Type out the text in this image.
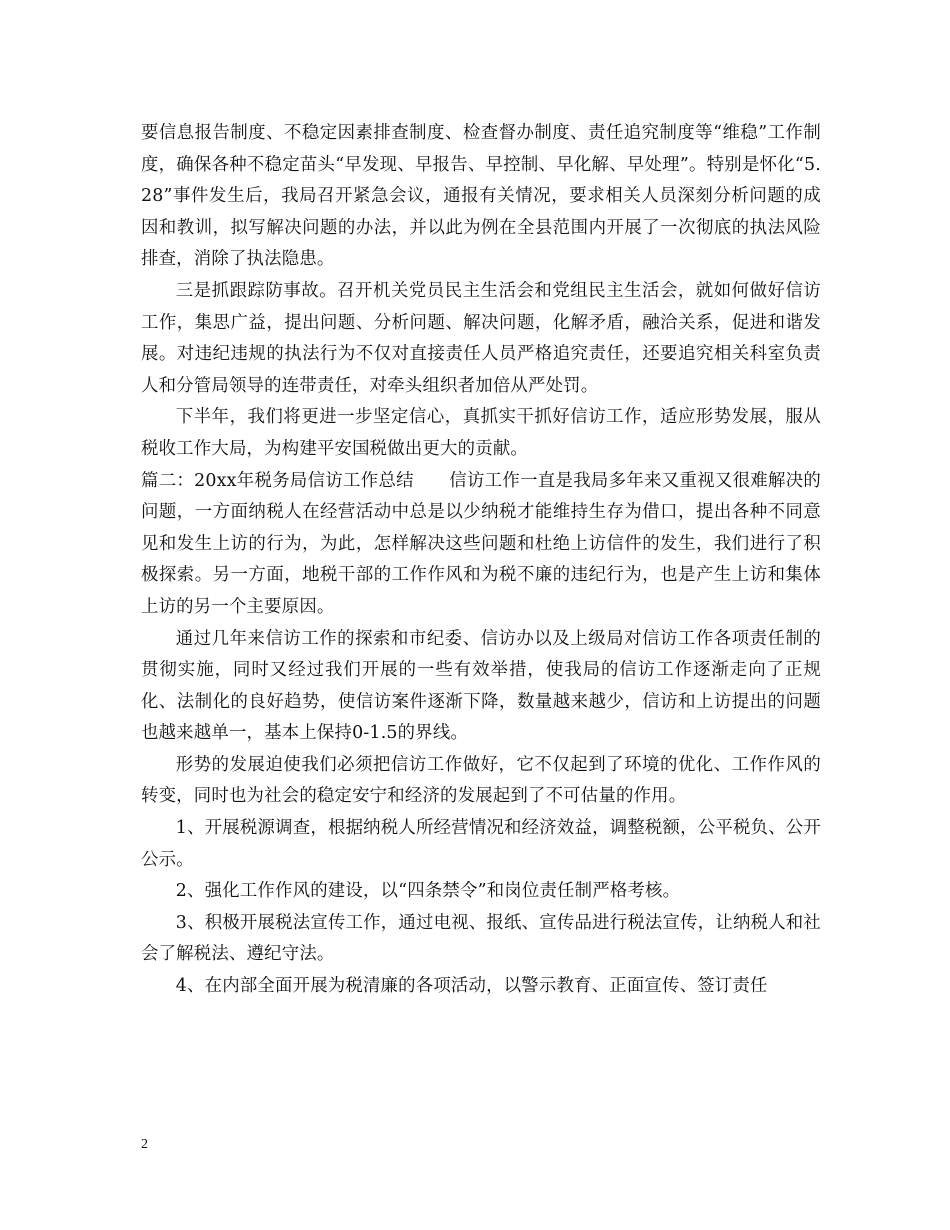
要信息报告制度、不稳定因素排查制度、检查督办制度、责任追究制度等“维稳”工作制度，确保各种不稳定苗头“早发现、早报告、早控制、早化解、早处理”。特别是怀化“5.28”事件发生后，我局召开紧急会议，通报有关情况，要求相关人员深刻分析问题的成因和教训，拟写解决问题的办法，并以此为例在全县范围内开展了一次彻底的执法风险排查，消除了执法隐患。

三是抓跟踪防事故。召开机关党员民主生活会和党组民主生活会，就如何做好信访工作，集思广益，提出问题、分析问题、解决问题，化解矛盾，融洽关系，促进和谐发展。对违纪违规的执法行为不仅对直接责任人员严格追究责任，还要追究相关科室负责人和分管局领导的连带责任，对牵头组织者加倍从严处罚。

下半年，我们将更进一步坚定信心，真抓实干抓好信访工作，适应形势发展，服从税收工作大局，为构建平安国税做出更大的贡献。

篇二：20xx年税务局信访工作总结　　信访工作一直是我局多年来又重视又很难解决的问题，一方面纳税人在经营活动中总是以少纳税才能维持生存为借口，提出各种不同意见和发生上访的行为，为此，怎样解决这些问题和杜绝上访信件的发生，我们进行了积极探索。另一方面，地税干部的工作作风和为税不廉的违纪行为，也是产生上访和集体上访的另一个主要原因。

通过几年来信访工作的探索和市纪委、信访办以及上级局对信访工作各项责任制的贯彻实施，同时又经过我们开展的一些有效举措，使我局的信访工作逐渐走向了正规化、法制化的良好趋势，使信访案件逐渐下降，数量越来越少，信访和上访提出的问题也越来越单一，基本上保持0-1.5的界线。

形势的发展迫使我们必须把信访工作做好，它不仅起到了环境的优化、工作作风的转变，同时也为社会的稳定安宁和经济的发展起到了不可估量的作用。

1、开展税源调查，根据纳税人所经营情况和经济效益，调整税额，公平税负、公开公示。

2、强化工作作风的建设，以“四条禁令”和岗位责任制严格考核。

3、积极开展税法宣传工作，通过电视、报纸、宣传品进行税法宣传，让纳税人和社会了解税法、遵纪守法。

4、在内部全面开展为税清廉的各项活动，以警示教育、正面宣传、签订责任

2
